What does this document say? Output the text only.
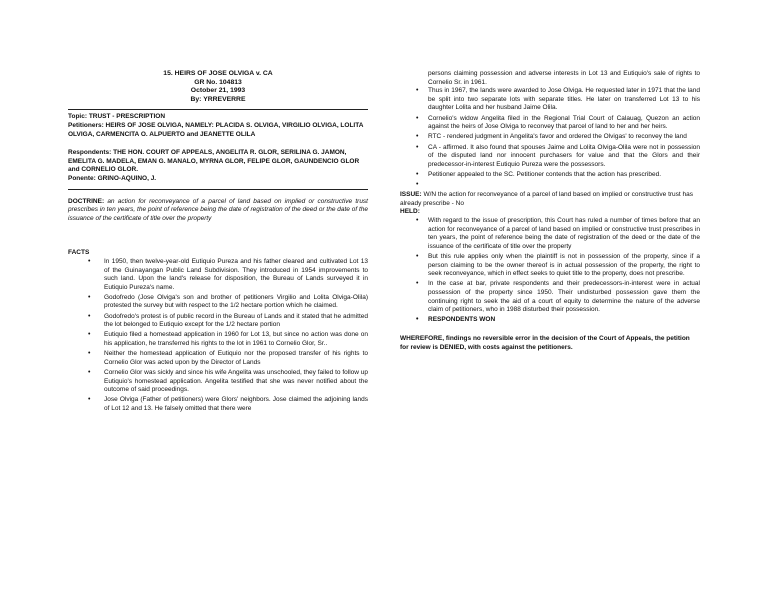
15. HEIRS OF JOSE OLVIGA v. CA
GR No. 104813
October 21, 1993
By: YRREVERRE
Topic: TRUST - PRESCRIPTION
Petitioners: HEIRS OF JOSE OLVIGA, NAMELY: PLACIDA S. OLVIGA, VIRGILIO OLVIGA, LOLITA OLVIGA, CARMENCITA O. ALPUERTO and JEANETTE OLILA
Respondents: THE HON. COURT OF APPEALS, ANGELITA R. GLOR, SERILINA G. JAMON, EMELITA G. MADELA, EMAN G. MANALO, MYRNA GLOR, FELIPE GLOR, GAUNDENCIO GLOR and CORNELIO GLOR.
Ponente: GRINO-AQUINO, J.
DOCTRINE: an action for reconveyance of a parcel of land based on implied or constructive trust prescribes in ten years, the point of reference being the date of registration of the deed or the date of the issuance of the certificate of title over the property
FACTS
• In 1950, then twelve-year-old Eutiquio Pureza and his father cleared and cultivated Lot 13 of the Guinayangan Public Land Subdivision. They introduced in 1954 improvements to such land. Upon the land's release for disposition, the Bureau of Lands surveyed it in Eutiquio Pureza's name.
• Godofredo (Jose Olviga's son and brother of petitioners Virgilio and Lolita Olviga-Olila) protested the survey but with respect to the 1/2 hectare portion which he claimed.
• Godofredo's protest is of public record in the Bureau of Lands and it stated that he admitted the lot belonged to Eutiquio except for the 1/2 hectare portion
• Eutiquio filed a homestead application in 1960 for Lot 13, but since no action was done on his application, he transferred his rights to the lot in 1961 to Cornelio Glor, Sr..
• Neither the homestead application of Eutiquio nor the proposed transfer of his rights to Cornelio Glor was acted upon by the Director of Lands
• Cornelio Glor was sickly and since his wife Angelita was unschooled, they failed to follow up Eutiquio's homestead application. Angelita testified that she was never notified about the outcome of said proceedings.
• Jose Olviga (Father of petitioners) were Glors' neighbors. Jose claimed the adjoining lands of Lot 12 and 13. He falsely omitted that there were
persons claiming possession and adverse interests in Lot 13 and Eutiquio's sale of rights to Cornelio Sr. in 1961.
• Thus in 1967, the lands were awarded to Jose Olviga. He requested later in 1971 that the land be split into two separate lots with separate titles. He later on transferred Lot 13 to his daughter Lolita and her husband Jaime Olila.
• Cornelio's widow Angelita filed in the Regional Trial Court of Calauag, Quezon an action against the heirs of Jose Olviga to reconvey that parcel of land to her and her heirs.
• RTC - rendered judgment in Angelita's favor and ordered the Olvigas' to reconvey the land
• CA - affirmed. It also found that spouses Jaime and Lolita Olviga-Olila were not in possession of the disputed land nor innocent purchasers for value and that the Glors and their predecessor-in-interest Eutiquio Pureza were the possessors.
• Petitioner appealed to the SC. Petitioner contends that the action has prescribed.
•
ISSUE: W/N the action for reconveyance of a parcel of land based on implied or constructive trust has already prescribe - No
HELD:
• With regard to the issue of prescription, this Court has ruled a number of times before that an action for reconveyance of a parcel of land based on implied or constructive trust prescribes in ten years, the point of reference being the date of registration of the deed or the date of the issuance of the certificate of title over the property
• But this rule applies only when the plaintiff is not in possession of the property, since if a person claiming to be the owner thereof is in actual possession of the property, the right to seek reconveyance, which in effect seeks to quiet title to the property, does not prescribe.
• In the case at bar, private respondents and their predecessors-in-interest were in actual possession of the property since 1950. Their undisturbed possession gave them the continuing right to seek the aid of a court of equity to determine the nature of the adverse claim of petitioners, who in 1988 disturbed their possession.
• RESPONDENTS WON
WHEREFORE, findings no reversible error in the decision of the Court of Appeals, the petition for review is DENIED, with costs against the petitioners.
